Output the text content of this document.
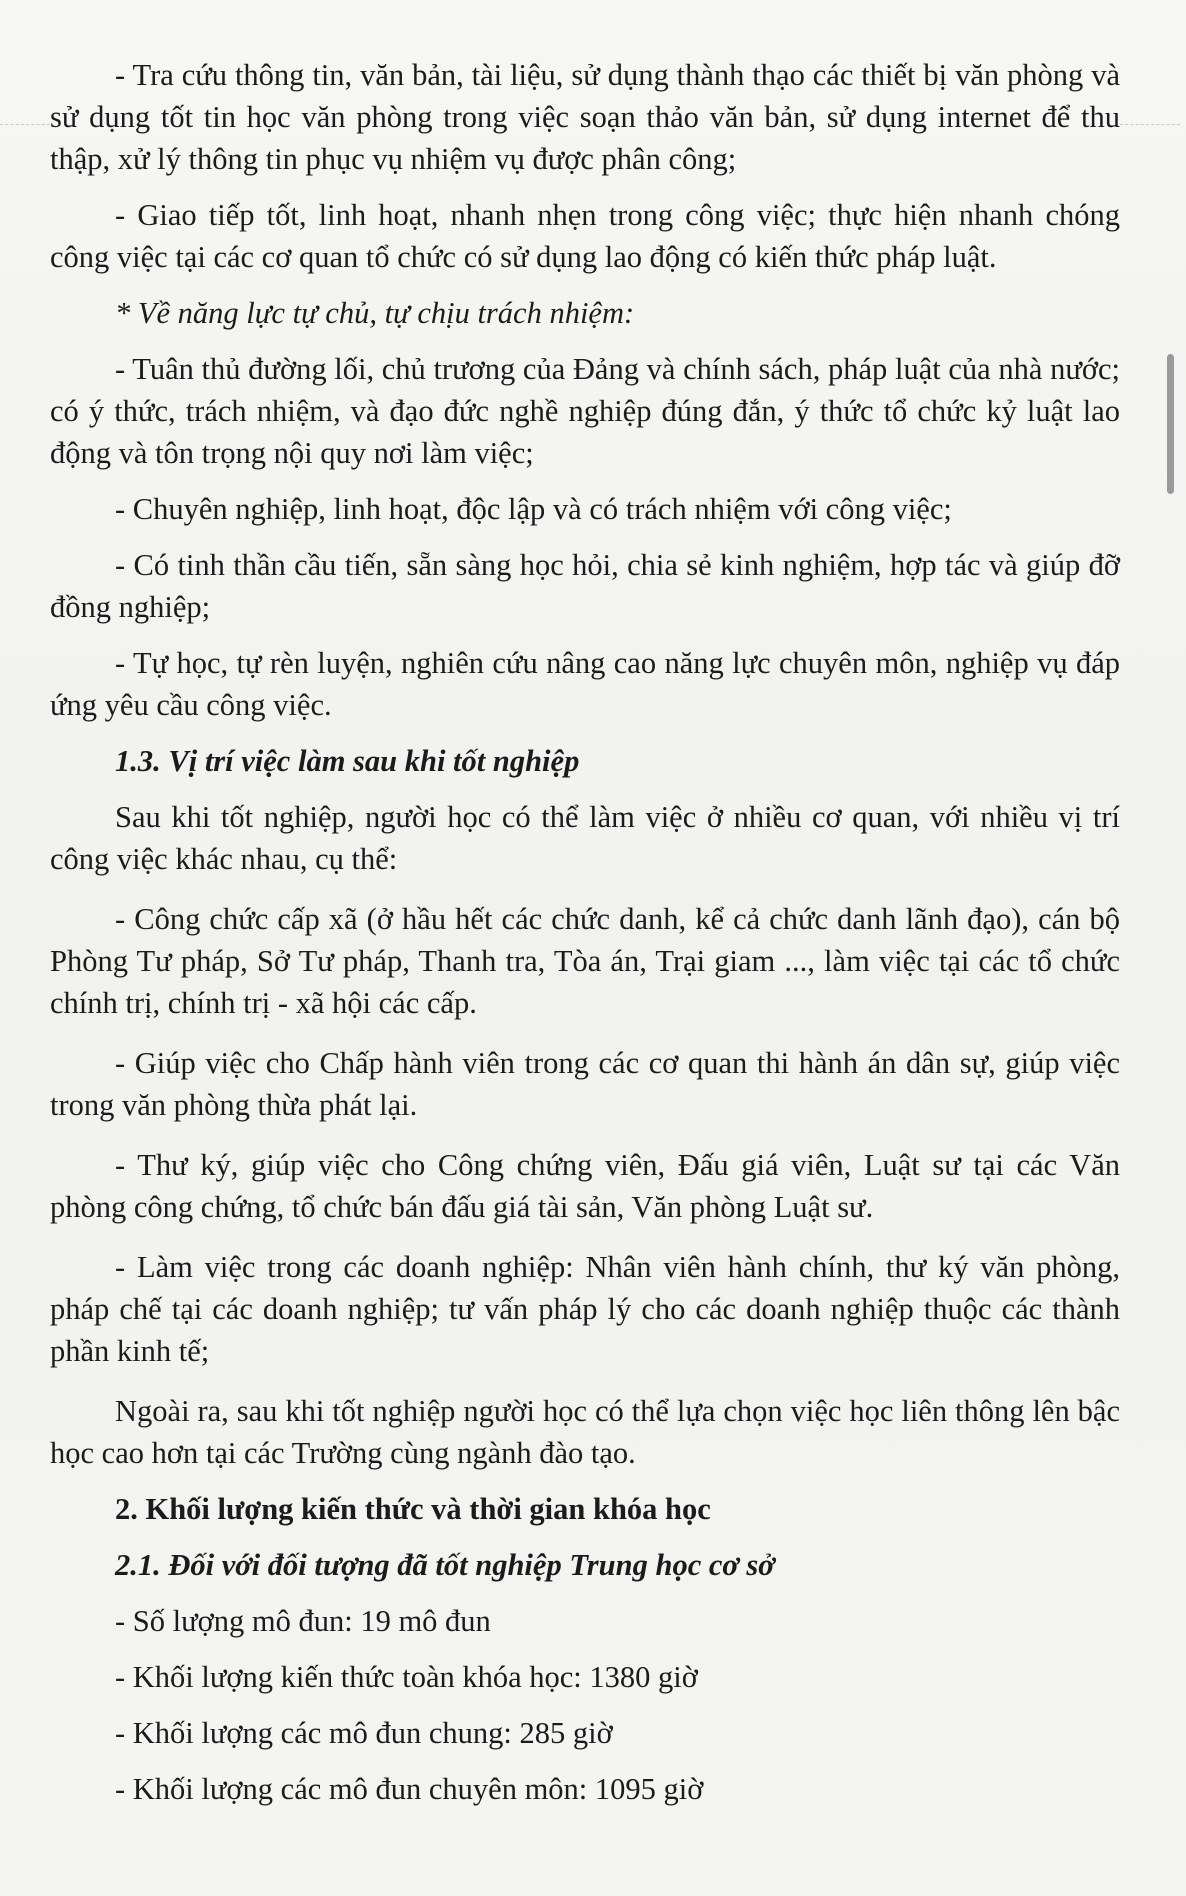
- Tra cứu thông tin, văn bản, tài liệu, sử dụng thành thạo các thiết bị văn phòng và sử dụng tốt tin học văn phòng trong việc soạn thảo văn bản, sử dụng internet để thu thập, xử lý thông tin phục vụ nhiệm vụ được phân công;

- Giao tiếp tốt, linh hoạt, nhanh nhẹn trong công việc; thực hiện nhanh chóng công việc tại các cơ quan tổ chức có sử dụng lao động có kiến thức pháp luật.

* Về năng lực tự chủ, tự chịu trách nhiệm:

- Tuân thủ đường lối, chủ trương của Đảng và chính sách, pháp luật của nhà nước; có ý thức, trách nhiệm, và đạo đức nghề nghiệp đúng đắn, ý thức tổ chức kỷ luật lao động và tôn trọng nội quy nơi làm việc;

- Chuyên nghiệp, linh hoạt, độc lập và có trách nhiệm với công việc;

- Có tinh thần cầu tiến, sẵn sàng học hỏi, chia sẻ kinh nghiệm, hợp tác và giúp đỡ đồng nghiệp;

- Tự học, tự rèn luyện, nghiên cứu nâng cao năng lực chuyên môn, nghiệp vụ đáp ứng yêu cầu công việc.

1.3. Vị trí việc làm sau khi tốt nghiệp

Sau khi tốt nghiệp, người học có thể làm việc ở nhiều cơ quan, với nhiều vị trí công việc khác nhau, cụ thể:

- Công chức cấp xã (ở hầu hết các chức danh, kể cả chức danh lãnh đạo), cán bộ Phòng Tư pháp, Sở Tư pháp, Thanh tra, Tòa án, Trại giam ..., làm việc tại các tổ chức chính trị, chính trị - xã hội các cấp.

- Giúp việc cho Chấp hành viên trong các cơ quan thi hành án dân sự, giúp việc trong văn phòng thừa phát lại.

- Thư ký, giúp việc cho Công chứng viên, Đấu giá viên, Luật sư tại các Văn phòng công chứng, tổ chức bán đấu giá tài sản, Văn phòng Luật sư.

- Làm việc trong các doanh nghiệp: Nhân viên hành chính, thư ký văn phòng, pháp chế tại các doanh nghiệp; tư vấn pháp lý cho các doanh nghiệp thuộc các thành phần kinh tế;

Ngoài ra, sau khi tốt nghiệp người học có thể lựa chọn việc học liên thông lên bậc học cao hơn tại các Trường cùng ngành đào tạo.

2. Khối lượng kiến thức và thời gian khóa học

2.1. Đối với đối tượng đã tốt nghiệp Trung học cơ sở

- Số lượng mô đun: 19 mô đun

- Khối lượng kiến thức toàn khóa học: 1380 giờ

- Khối lượng các mô đun chung: 285 giờ

- Khối lượng các mô đun chuyên môn: 1095 giờ
